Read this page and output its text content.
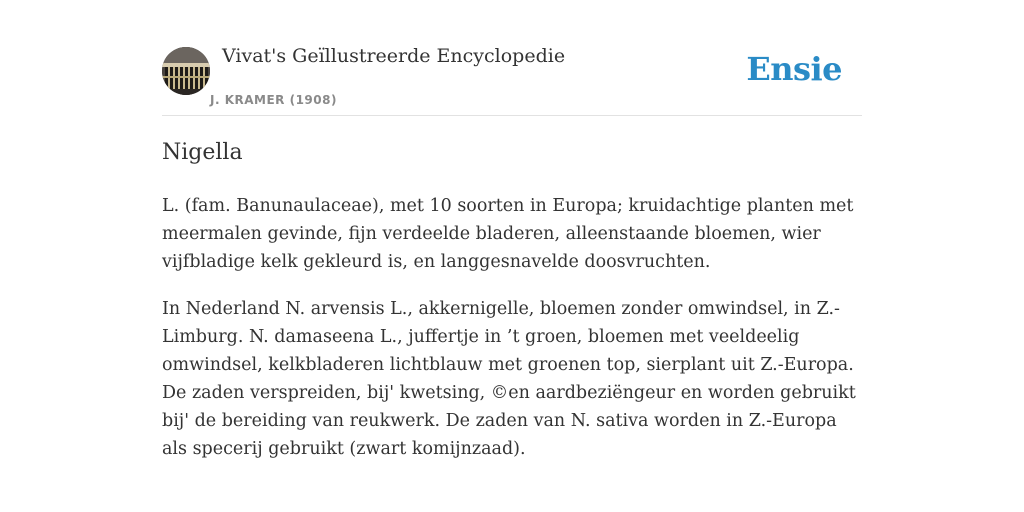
Vivat's Geïllustreerde Encyclopedie
J. KRAMER (1908)
Ensie
Nigella

L. (fam. Banunaulaceae), met 10 soorten in Europa; kruidachtige planten met meermalen gevinde, fijn verdeelde bladeren, alleenstaande bloemen, wier vijfbladige kelk gekleurd is, en langgesnavelde doosvruchten.

In Nederland N. arvensis L., akkernigelle, bloemen zonder omwindsel, in Z.-Limburg. N. damaseena L., juffertje in ’t groen, bloemen met veeldeelig omwindsel, kelkbladeren lichtblauw met groenen top, sierplant uit Z.-Europa. De zaden verspreiden, bij' kwetsing, ©en aardbeziëngeur en worden gebruikt bij' de bereiding van reukwerk. De zaden van N. sativa worden in Z.-Europa als specerij gebruikt (zwart komijnzaad).
